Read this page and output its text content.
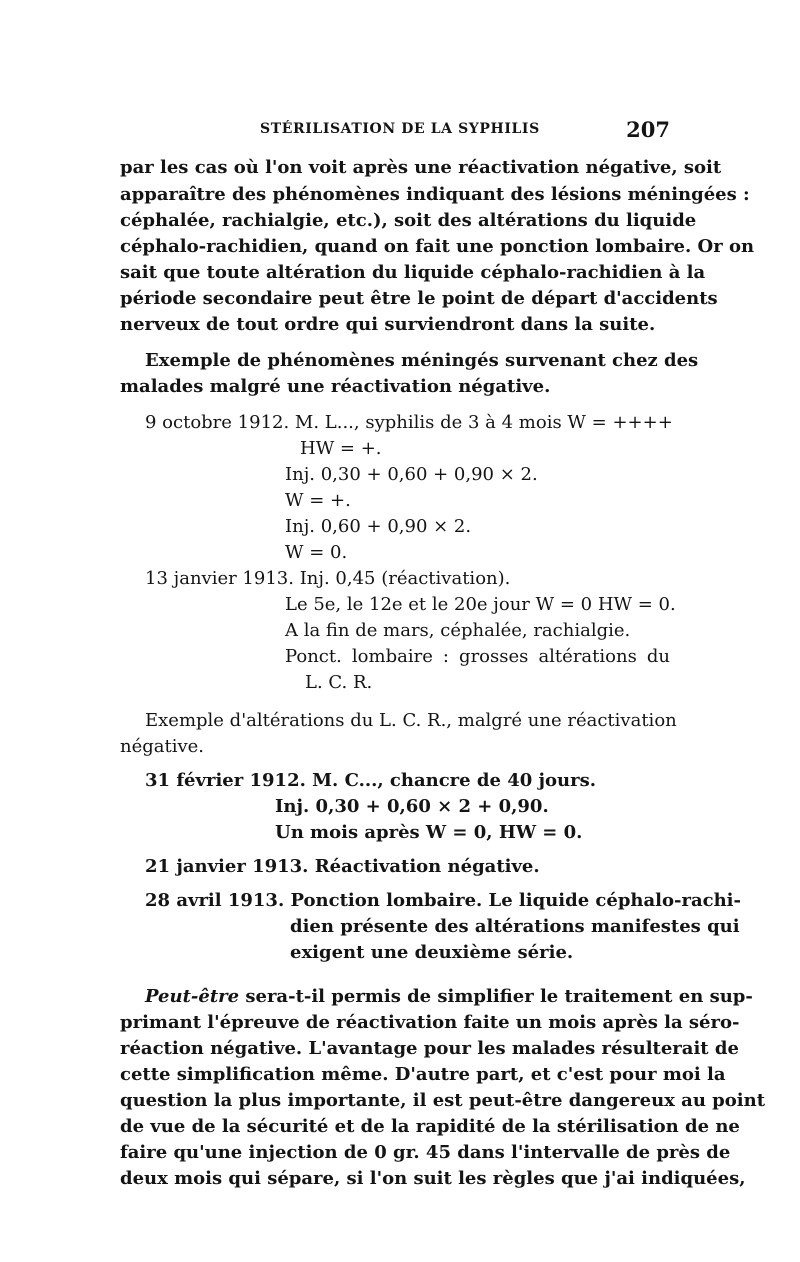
STÉRILISATION DE LA SYPHILIS	207
par les cas où l'on voit après une réactivation négative, soit
apparaître des phénomènes indiquant des lésions méningées :
céphalée, rachialgie, etc.), soit des altérations du liquide
céphalo-rachidien, quand on fait une ponction lombaire. Or on
sait que toute altération du liquide céphalo-rachidien à la
période secondaire peut être le point de départ d'accidents
nerveux de tout ordre qui surviendront dans la suite.
Exemple de phénomènes méningés survenant chez des
malades malgré une réactivation négative.
9 octobre 1912. M. L..., syphilis de 3 à 4 mois W = ++++
HW = +.
Inj. 0,30 + 0,60 + 0,90 × 2.
W = +.
Inj. 0,60 + 0,90 × 2.
W = 0.
13 janvier 1913. Inj. 0,45 (réactivation).
Le 5e, le 12e et le 20e jour W = 0 HW = 0.
A la fin de mars, céphalée, rachialgie.
Ponct. lombaire : grosses altérations du
L. C. R.
Exemple d'altérations du L. C. R., malgré une réactivation
négative.
31 février 1912. M. C..., chancre de 40 jours.
Inj. 0,30 + 0,60 × 2 + 0,90.
Un mois après W = 0, HW = 0.
21 janvier 1913. Réactivation négative.
28 avril 1913. Ponction lombaire. Le liquide céphalo-rachi-
dien présente des altérations manifestes qui
exigent une deuxième série.
Peut-être sera-t-il permis de simplifier le traitement en sup-
primant l'épreuve de réactivation faite un mois après la séro-
réaction négative. L'avantage pour les malades résulterait de
cette simplification même. D'autre part, et c'est pour moi la
question la plus importante, il est peut-être dangereux au point
de vue de la sécurité et de la rapidité de la stérilisation de ne
faire qu'une injection de 0 gr. 45 dans l'intervalle de près de
deux mois qui sépare, si l'on suit les règles que j'ai indiquées,
